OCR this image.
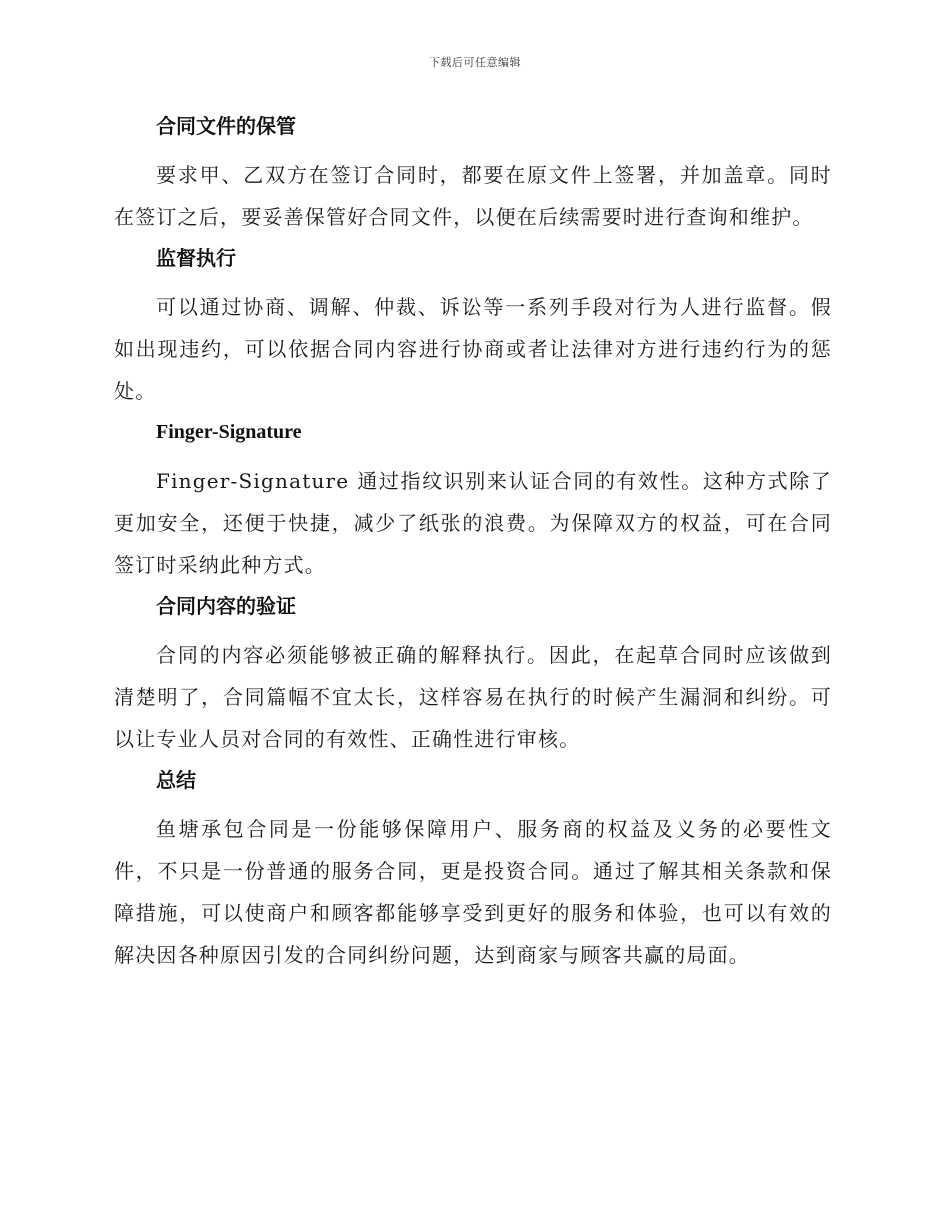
下载后可任意编辑
合同文件的保管

要求甲、乙双方在签订合同时，都要在原文件上签署，并加盖章。同时在签订之后，要妥善保管好合同文件，以便在后续需要时进行查询和维护。

监督执行

可以通过协商、调解、仲裁、诉讼等一系列手段对行为人进行监督。假如出现违约，可以依据合同内容进行协商或者让法律对方进行违约行为的惩处。

Finger-Signature

Finger-Signature 通过指纹识别来认证合同的有效性。这种方式除了更加安全，还便于快捷，减少了纸张的浪费。为保障双方的权益，可在合同签订时采纳此种方式。

合同内容的验证

合同的内容必须能够被正确的解释执行。因此，在起草合同时应该做到清楚明了，合同篇幅不宜太长，这样容易在执行的时候产生漏洞和纠纷。可以让专业人员对合同的有效性、正确性进行审核。

总结

鱼塘承包合同是一份能够保障用户、服务商的权益及义务的必要性文件，不只是一份普通的服务合同，更是投资合同。通过了解其相关条款和保障措施，可以使商户和顾客都能够享受到更好的服务和体验，也可以有效的解决因各种原因引发的合同纠纷问题，达到商家与顾客共赢的局面。
